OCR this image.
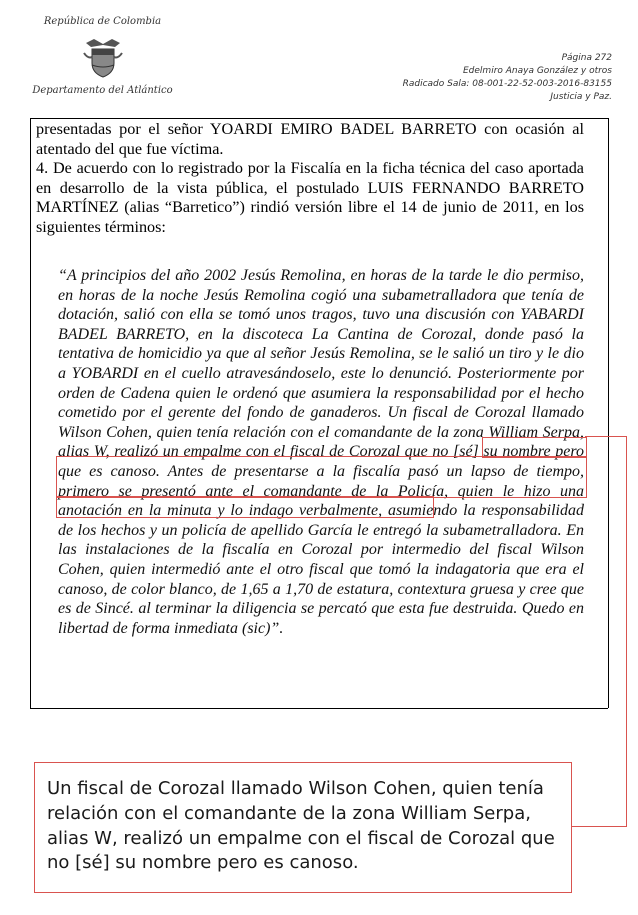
República de Colombia
Departamento del Atlántico
Página 272
Edelmiro Anaya González y otros
Radicado Sala: 08-001-22-52-003-2016-83155
Justicia y Paz.

presentadas por el señor YOARDI EMIRO BADEL BARRETO con ocasión al atentado del que fue víctima.

4. De acuerdo con lo registrado por la Fiscalía en la ficha técnica del caso aportada en desarrollo de la vista pública, el postulado LUIS FERNANDO BARRETO MARTÍNEZ (alias “Barretico”) rindió versión libre el 14 de junio de 2011, en los siguientes términos:

“A principios del año 2002 Jesús Remolina, en horas de la tarde le dio permiso, en horas de la noche Jesús Remolina cogió una subametralladora que tenía de dotación, salió con ella se tomó unos tragos, tuvo una discusión con YABARDI BADEL BARRETO, en la discoteca La Cantina de Corozal, donde pasó la tentativa de homicidio ya que al señor Jesús Remolina, se le salió un tiro y le dio a YOBARDI en el cuello atravesándoselo, este lo denunció. Posteriormente por orden de Cadena quien le ordenó que asumiera la responsabilidad por el hecho cometido por el gerente del fondo de ganaderos. Un fiscal de Corozal llamado Wilson Cohen, quien tenía relación con el comandante de la zona William Serpa, alias W, realizó un empalme con el fiscal de Corozal que no [sé] su nombre pero que es canoso. Antes de presentarse a la fiscalía pasó un lapso de tiempo, primero se presentó ante el comandante de la Policía, quien le hizo una anotación en la minuta y lo indago verbalmente, asumiendo la responsabilidad de los hechos y un policía de apellido García le entregó la subametralladora. En las instalaciones de la fiscalía en Corozal por intermedio del fiscal Wilson Cohen, quien intermedió ante el otro fiscal que tomó la indagatoria que era el canoso, de color blanco, de 1,65 a 1,70 de estatura, contextura gruesa y cree que es de Sincé. al terminar la diligencia se percató que esta fue destruida. Quedo en libertad de forma inmediata (sic)”.

Un fiscal de Corozal llamado Wilson Cohen, quien tenía relación con el comandante de la zona William Serpa, alias W, realizó un empalme con el fiscal de Corozal que no [sé] su nombre pero es canoso.
